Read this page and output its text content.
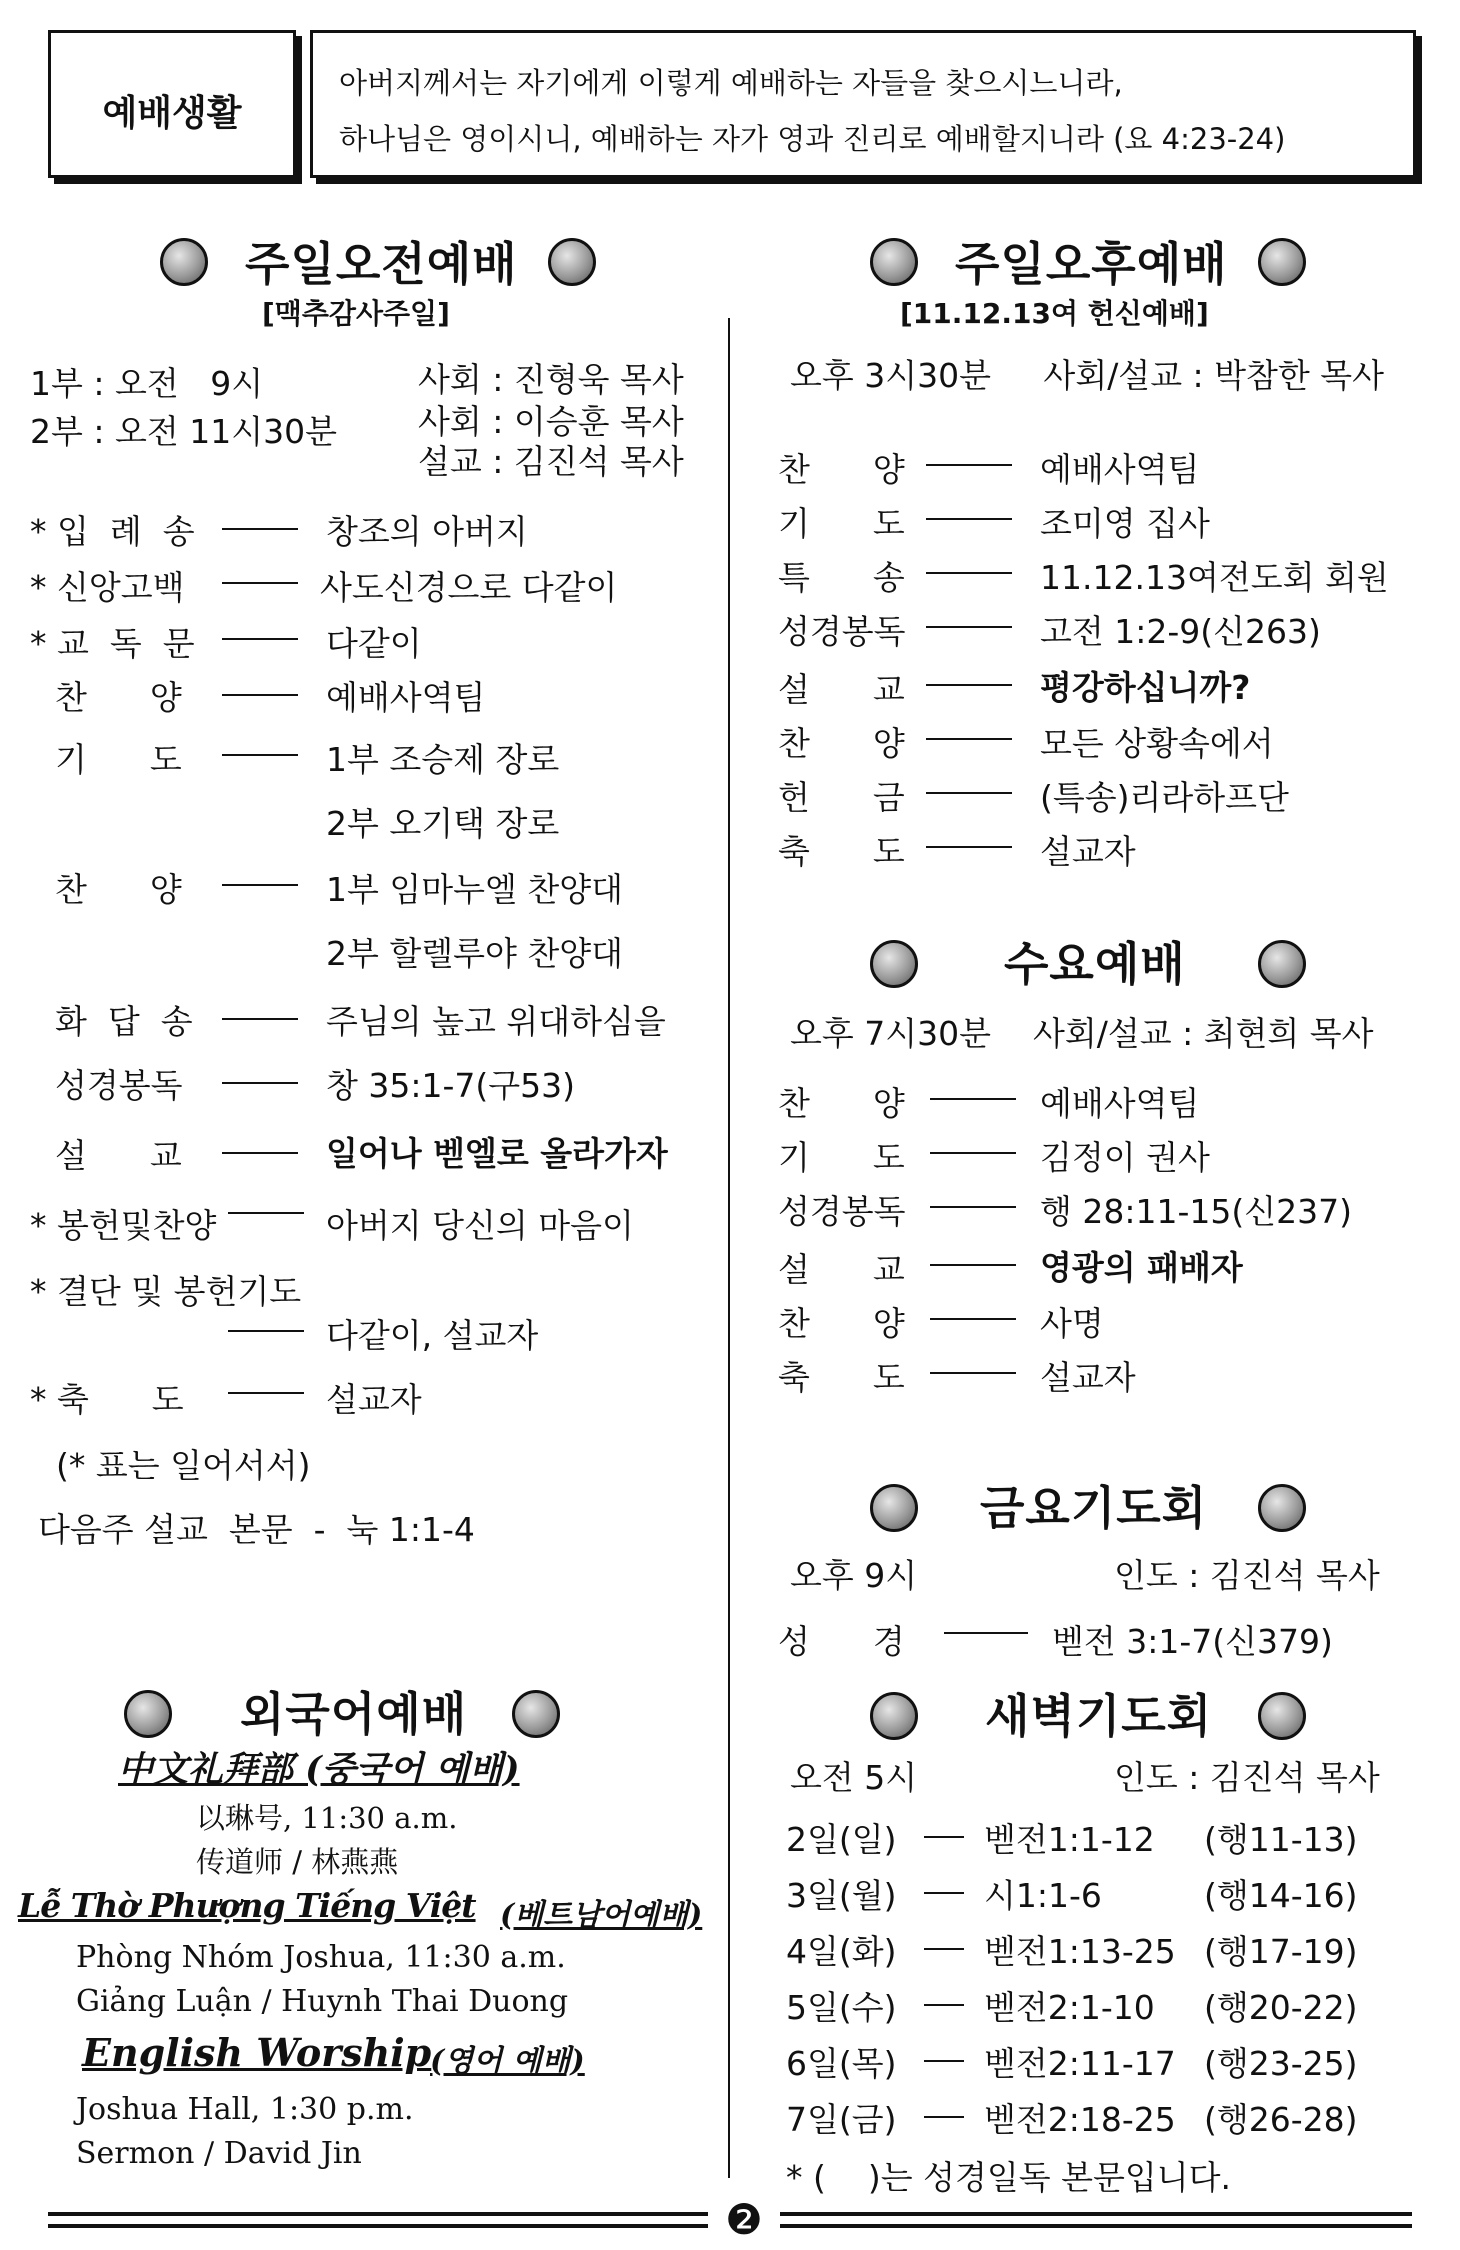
예배생활
아버지께서는 자기에게 이렇게 예배하는 자들을 찾으시느니라,
하나님은 영이시니, 예배하는 자가 영과 진리로 예배할지니라 (요 4:23-24)
주일오전예배
[맥추감사주일]
1부 : 오전   9시
2부 : 오전 11시30분
사회 : 진형욱 목사
사회 : 이승훈 목사
설교 : 김진석 목사
* 입  례  송	창조의 아버지
* 신앙고백	사도신경으로 다같이
* 교  독  문	다같이
찬      양	예배사역팀
기      도	1부 조승제 장로
2부 오기택 장로
찬      양	1부 임마누엘 찬양대
2부 할렐루야 찬양대
화  답  송	주님의 높고 위대하심을
성경봉독	창 35:1-7(구53)
설      교	일어나 벧엘로 올라가자
* 봉헌및찬양	아버지 당신의 마음이
* 결단 및 봉헌기도
다같이, 설교자
* 축      도	설교자
(* 표는 일어서서)
다음주 설교  본문  -  눅 1:1-4
외국어예배
中文礼拜部 (중국어 예배)
以琳号, 11:30 a.m.
传道师 / 林燕燕
Lễ Thờ Phượng Tiếng Việt (베트남어예배)
Phòng Nhóm Joshua, 11:30 a.m.
Giảng Luận / Huynh Thai Duong
English Worship
(영어 예배)
Joshua Hall, 1:30 p.m.
Sermon / David Jin
주일오후예배
[11.12.13여 헌신예배]
오후 3시30분     사회/설교 : 박참한 목사
찬      양	예배사역팀
기      도	조미영 집사
특      송	11.12.13여전도회 회원
성경봉독	고전 1:2-9(신263)
설      교	평강하십니까?
찬      양	모든 상황속에서
헌      금	(특송)리라하프단
축      도	설교자
수요예배
오후 7시30분    사회/설교 : 최현희 목사
찬      양	예배사역팀
기      도	김정이 권사
성경봉독	행 28:11-15(신237)
설      교	영광의 패배자
찬      양	사명
축      도	설교자
금요기도회
오후 9시	인도 : 김진석 목사
성      경	벧전 3:1-7(신379)
새벽기도회
오전 5시	인도 : 김진석 목사
2일(일)	벧전1:1-12 (행11-13)
3일(월)	시1:1-6	(행14-16)
4일(화)	벧전1:13-25 (행17-19)
5일(수)	벧전2:1-10 (행20-22)
6일(목)	벧전2:11-17 (행23-25)
7일(금)	벧전2:18-25 (행26-28)
* (    )는 성경일독 본문입니다.
❷
